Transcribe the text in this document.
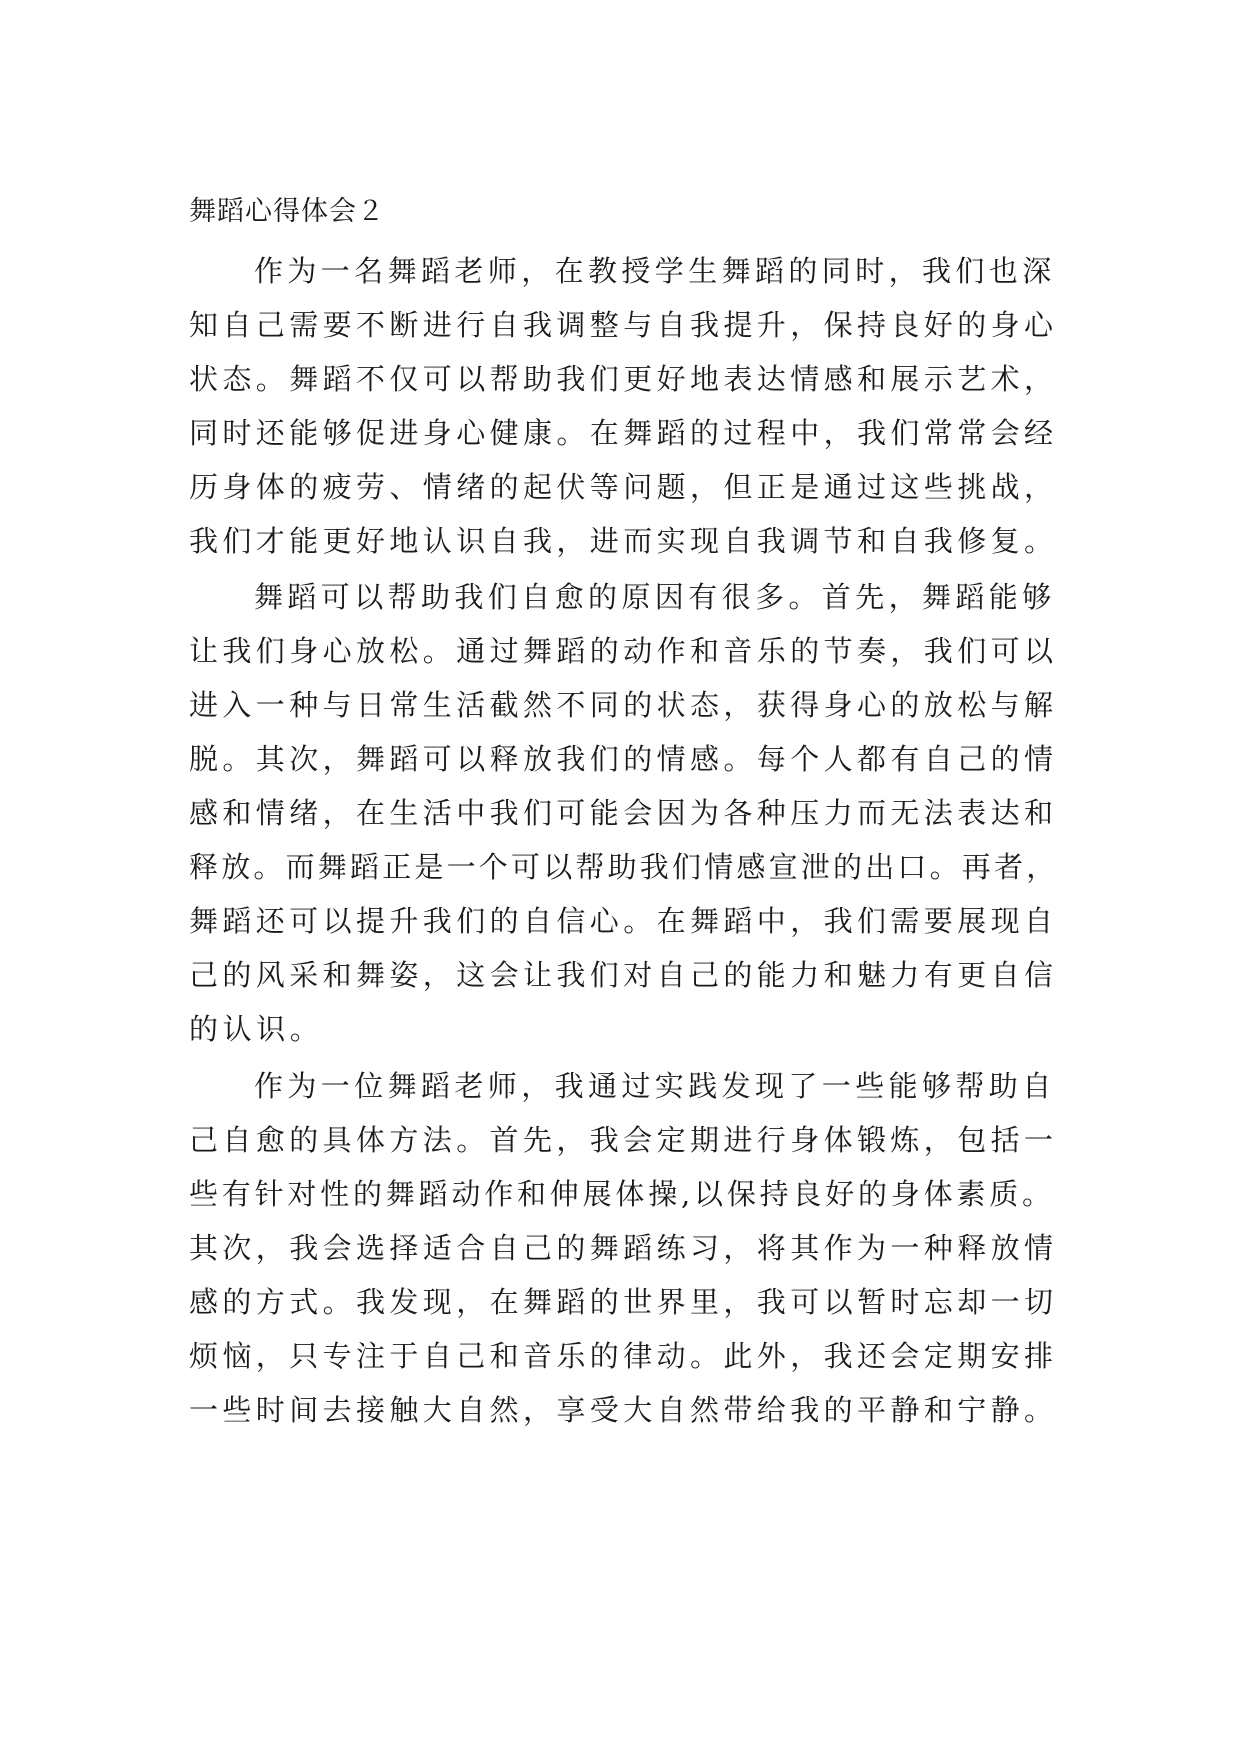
舞蹈心得体会２
作为一名舞蹈老师，在教授学生舞蹈的同时，我们也深
知自己需要不断进行自我调整与自我提升，保持良好的身心
状态。舞蹈不仅可以帮助我们更好地表达情感和展示艺术，
同时还能够促进身心健康。在舞蹈的过程中，我们常常会经
历身体的疲劳、情绪的起伏等问题，但正是通过这些挑战，
我们才能更好地认识自我，进而实现自我调节和自我修复。
舞蹈可以帮助我们自愈的原因有很多。首先，舞蹈能够
让我们身心放松。通过舞蹈的动作和音乐的节奏，我们可以
进入一种与日常生活截然不同的状态，获得身心的放松与解
脱。其次，舞蹈可以释放我们的情感。每个人都有自己的情
感和情绪，在生活中我们可能会因为各种压力而无法表达和
释放。而舞蹈正是一个可以帮助我们情感宣泄的出口。再者，
舞蹈还可以提升我们的自信心。在舞蹈中，我们需要展现自
己的风采和舞姿，这会让我们对自己的能力和魅力有更自信
的认识。
作为一位舞蹈老师，我通过实践发现了一些能够帮助自
己自愈的具体方法。首先，我会定期进行身体锻炼，包括一
些有针对性的舞蹈动作和伸展体操,以保持良好的身体素质。
其次，我会选择适合自己的舞蹈练习，将其作为一种释放情
感的方式。我发现，在舞蹈的世界里，我可以暂时忘却一切
烦恼，只专注于自己和音乐的律动。此外，我还会定期安排
一些时间去接触大自然，享受大自然带给我的平静和宁静。
